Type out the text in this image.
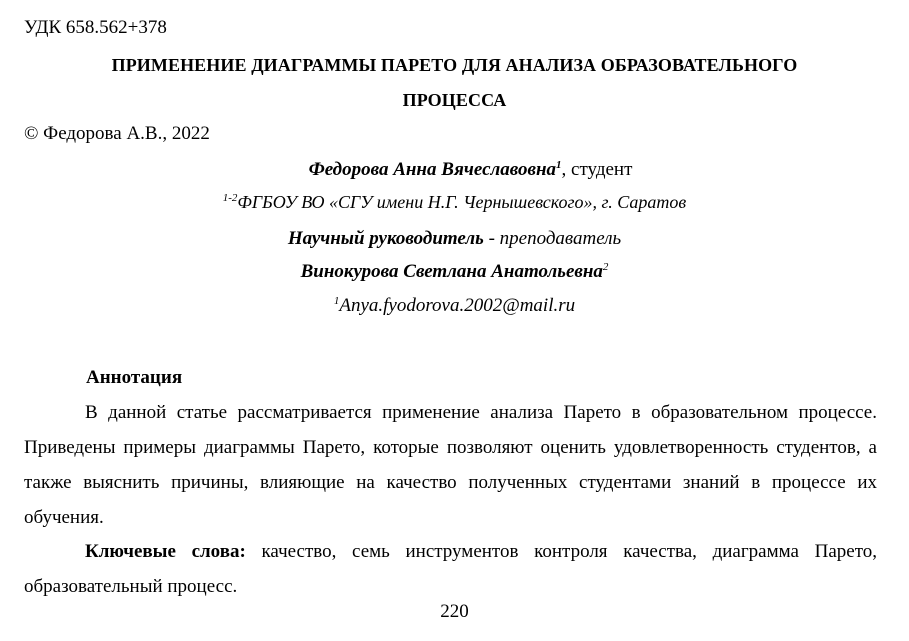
УДК 658.562+378
ПРИМЕНЕНИЕ ДИАГРАММЫ ПАРЕТО ДЛЯ АНАЛИЗА ОБРАЗОВАТЕЛЬНОГО
ПРОЦЕССА
© Федорова А.В., 2022
Федорова Анна Вячеславовна$^1$, студент
$^{1-2}$ФГБОУ ВО «СГУ имени Н.Г. Чернышевского», г. Саратов
Научный руководитель - преподаватель
Винокурова Светлана Анатольевна$^2$
$^1$Anya.fyodorova.2002@mail.ru
Аннотация
В данной статье рассматривается применение анализа Парето в образовательном процессе. Приведены примеры диаграммы Парето, которые позволяют оценить удовлетворенность студентов, а также выяснить причины, влияющие на качество полученных студентами знаний в процессе их обучения.
Ключевые слова: качество, семь инструментов контроля качества, диаграмма Парето, образовательный процесс.
220
